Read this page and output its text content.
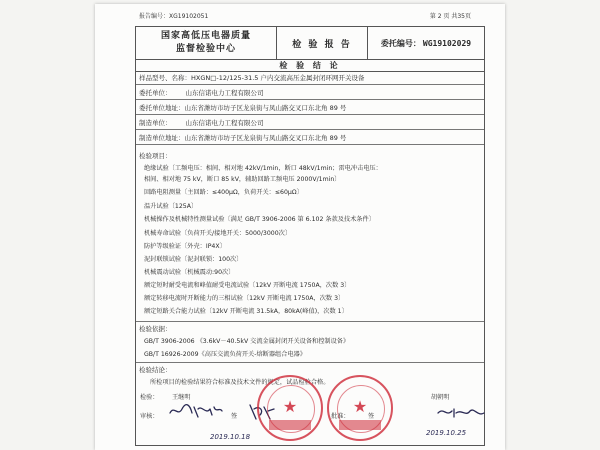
报告编号：XG19102051	第 2 页 共35页
国家高低压电器质量
监督检验中心	检 验 报 告	委托编号： WG19102029
检 验 结 论
样品型号、名称：HXGN□-12/125-31.5 户内交流高压金属封闭环网开关设备
委托单位： 山东信诺电力工程有限公司
委托单位地址：山东省潍坊市坊子区龙泉街与凤山路交叉口东北角 89 号
制造单位： 山东信诺电力工程有限公司
制造单位地址：山东省潍坊市坊子区龙泉街与凤山路交叉口东北角 89 号
检验项目：
绝缘试验〔工频电压：相间、相对地 42kV/1min，断口 48kV/1min；雷电冲击电压：
相间、相对地 75 kV，断口 85 kV，辅助回路工频电压 2000V/1min〕
回路电阻测量〔主回路：≤400μΩ，负荷开关：≤60μΩ〕
温升试验〔125A〕
机械操作及机械特性测量试验〔满足 GB/T 3906-2006 第 6.102 条款及技术条件〕
机械寿命试验〔负荷开关/接地开关：5000/3000次〕
防护等级验证〔外壳：IP4X〕
泥封联锁试验〔泥封联锁：100次〕
机械震动试验〔机械震动:90次〕
额定短时耐受电流和峰值耐受电流试验〔12kV 开断电流 1750A，次数 3〕
额定转移电流时开断能力的三相试验〔12kV 开断电流 1750A，次数 3〕
额定短路关合能力试验〔12kV 开断电流 31.5kA，80kA(峰值)，次数 1〕
检验依据：
GB/T 3906-2006 《3.6kV－40.5kV 交流金属封闭开关设备和控制设备》
GB/T 16926-2009《高压交流负荷开关-熔断器组合电器》
检验结论：
所检项目的检验结果符合标准及技术文件的规定，试品检验合格。
检验： 王继明	胡朝明
审核：	批准：
签	签
2019.10.18	2019.10.25
★	★
